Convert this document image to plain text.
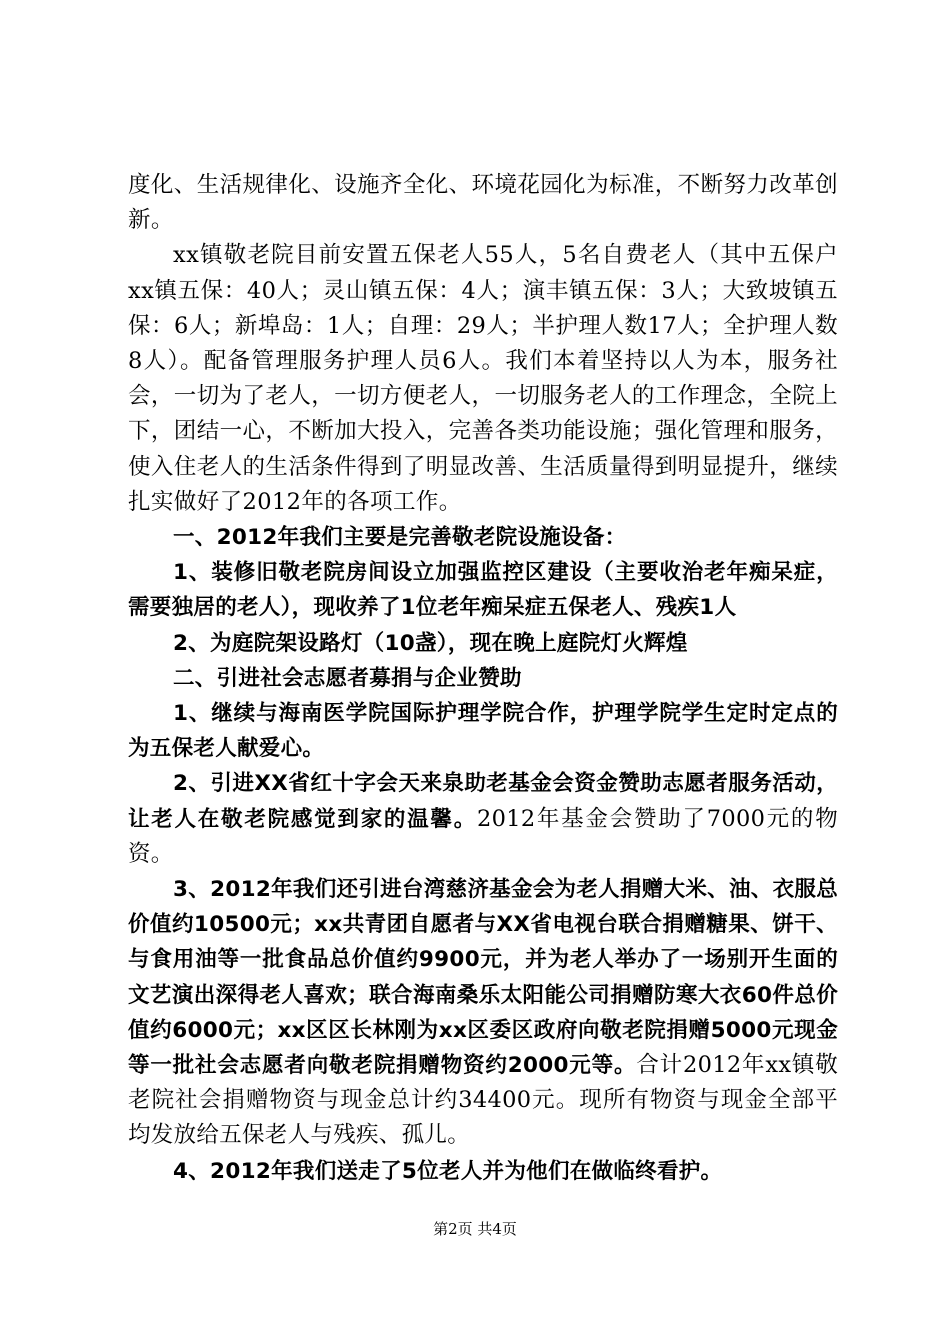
度化、生活规律化、设施齐全化、环境花园化为标准，不断努力改革创新。

xx镇敬老院目前安置五保老人55人，5名自费老人（其中五保户xx镇五保：40人；灵山镇五保：4人；演丰镇五保：3人；大致坡镇五保：6人；新埠岛：1人；自理：29人；半护理人数17人；全护理人数8人）。配备管理服务护理人员6人。我们本着坚持以人为本，服务社会，一切为了老人，一切方便老人，一切服务老人的工作理念，全院上下，团结一心，不断加大投入，完善各类功能设施；强化管理和服务，使入住老人的生活条件得到了明显改善、生活质量得到明显提升，继续扎实做好了2012年的各项工作。

一、2012年我们主要是完善敬老院设施设备：

1、装修旧敬老院房间设立加强监控区建设（主要收治老年痴呆症，需要独居的老人），现收养了1位老年痴呆症五保老人、残疾1人

2、为庭院架设路灯（10盏），现在晚上庭院灯火辉煌

二、引进社会志愿者募捐与企业赞助

1、继续与海南医学院国际护理学院合作，护理学院学生定时定点的为五保老人献爱心。

2、引进XX省红十字会天来泉助老基金会资金赞助志愿者服务活动，让老人在敬老院感觉到家的温馨。2012年基金会赞助了7000元的物资。

3、2012年我们还引进台湾慈济基金会为老人捐赠大米、油、衣服总价值约10500元；xx共青团自愿者与XX省电视台联合捐赠糖果、饼干、与食用油等一批食品总价值约9900元，并为老人举办了一场别开生面的文艺演出深得老人喜欢；联合海南桑乐太阳能公司捐赠防寒大衣60件总价值约6000元；xx区区长林刚为xx区委区政府向敬老院捐赠5000元现金等一批社会志愿者向敬老院捐赠物资约2000元等。合计2012年xx镇敬老院社会捐赠物资与现金总计约34400元。现所有物资与现金全部平均发放给五保老人与残疾、孤儿。

4、2012年我们送走了5位老人并为他们在做临终看护。

第2页 共4页
